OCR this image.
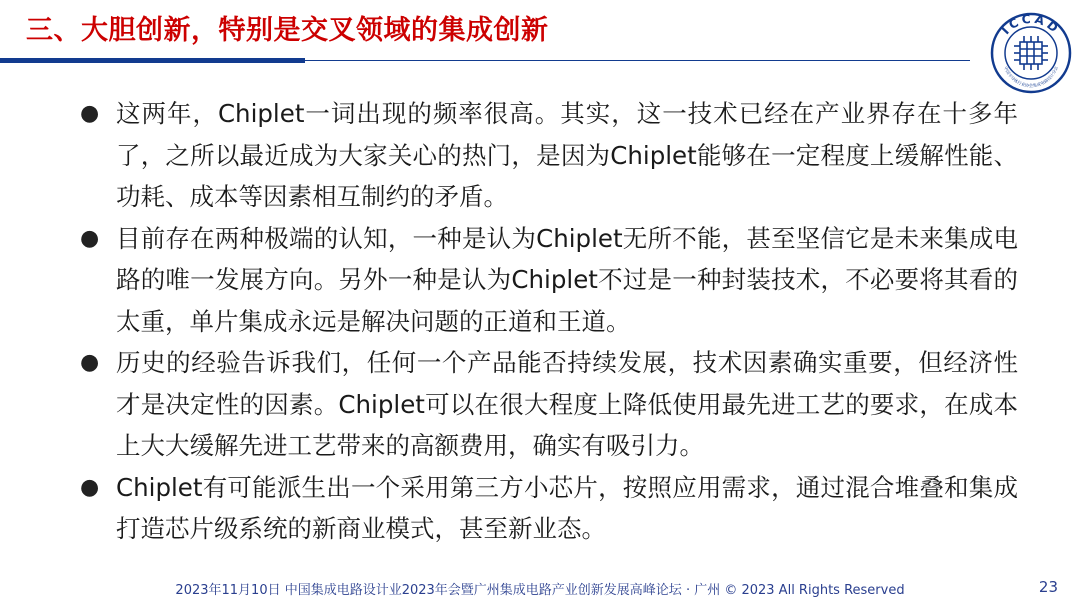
三、大胆创新，特别是交叉领域的集成创新	ICCAD
中国半导体行业协会集成电路设计分会
● 这两年，Chiplet一词出现的频率很高。其实，这一技术已经在产业界存在十多年了，之所以最近成为大家关心的热门，是因为Chiplet能够在一定程度上缓解性能、功耗、成本等因素相互制约的矛盾。
● 目前存在两种极端的认知，一种是认为Chiplet无所不能，甚至坚信它是未来集成电路的唯一发展方向。另外一种是认为Chiplet不过是一种封装技术，不必要将其看的太重，单片集成永远是解决问题的正道和王道。
● 历史的经验告诉我们，任何一个产品能否持续发展，技术因素确实重要，但经济性才是决定性的因素。Chiplet可以在很大程度上降低使用最先进工艺的要求，在成本上大大缓解先进工艺带来的高额费用，确实有吸引力。
● Chiplet有可能派生出一个采用第三方小芯片，按照应用需求，通过混合堆叠和集成打造芯片级系统的新商业模式，甚至新业态。
2023年11月10日 中国集成电路设计业2023年会暨广州集成电路产业创新发展高峰论坛 · 广州 © 2023 All Rights Reserved	23
